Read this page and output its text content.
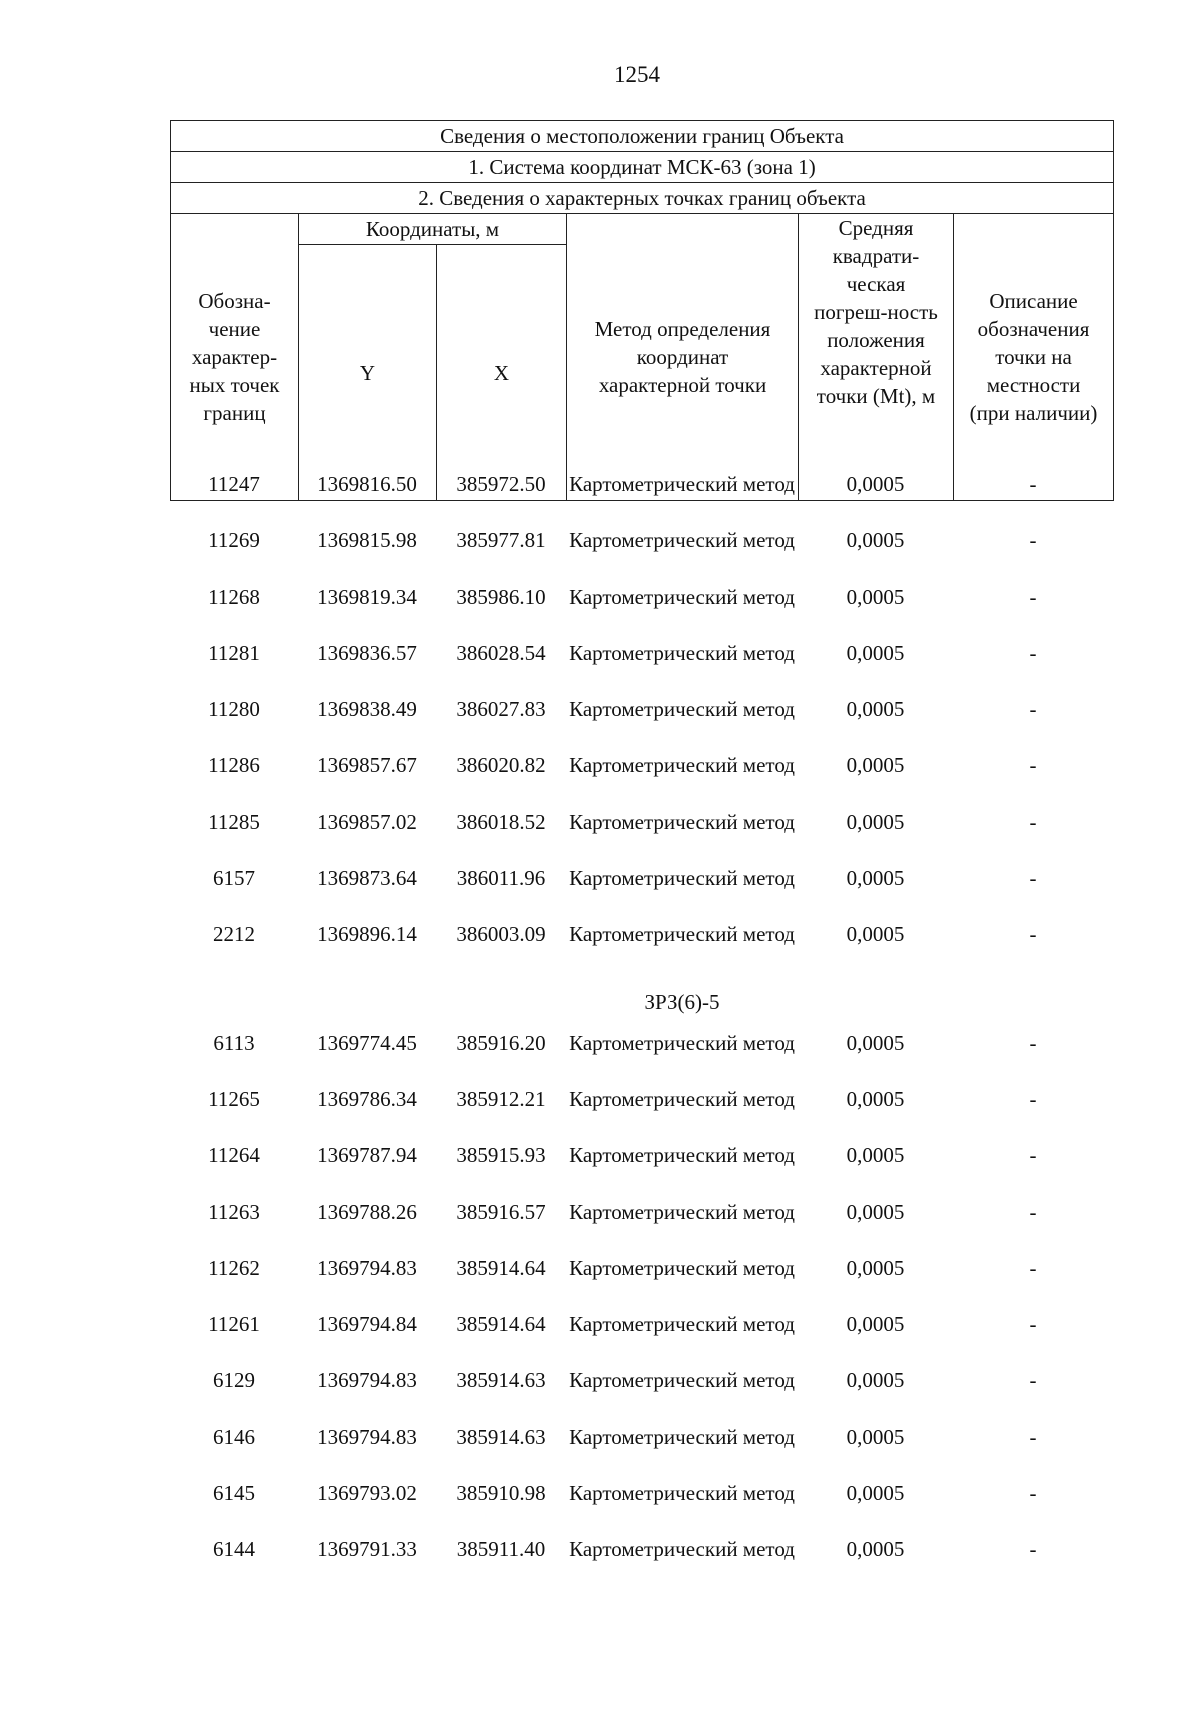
1254
Сведения о местоположении границ Объекта					
1. Система координат МСК-63 (зона 1)					
2. Сведения о характерных точках границ объекта					

Обозна-чение характер-ных точек границ	Координаты, м		Метод определения координат характерной точки	Средняя квадрати-ческая погреш-ность положения характерной точки (Mt), м	Описание обозначения точки на местности (при наличии)

	Y	X			
11247	1369816.50	385972.50	Картометрический метод	0,0005	-
11269	1369815.98	385977.81	Картометрический метод	0,0005	-
11268	1369819.34	385986.10	Картометрический метод	0,0005	-
11281	1369836.57	386028.54	Картометрический метод	0,0005	-
11280	1369838.49	386027.83	Картометрический метод	0,0005	-
11286	1369857.67	386020.82	Картометрический метод	0,0005	-
11285	1369857.02	386018.52	Картометрический метод	0,0005	-
6157	1369873.64	386011.96	Картометрический метод	0,0005	-
2212	1369896.14	386003.09	Картометрический метод	0,0005	-
ЗРЗ(6)-5
6113	1369774.45	385916.20	Картометрический метод	0,0005	-
11265	1369786.34	385912.21	Картометрический метод	0,0005	-
11264	1369787.94	385915.93	Картометрический метод	0,0005	-
11263	1369788.26	385916.57	Картометрический метод	0,0005	-
11262	1369794.83	385914.64	Картометрический метод	0,0005	-
11261	1369794.84	385914.64	Картометрический метод	0,0005	-
6129	1369794.83	385914.63	Картометрический метод	0,0005	-
6146	1369794.83	385914.63	Картометрический метод	0,0005	-
6145	1369793.02	385910.98	Картометрический метод	0,0005	-
6144	1369791.33	385911.40	Картометрический метод	0,0005	-
